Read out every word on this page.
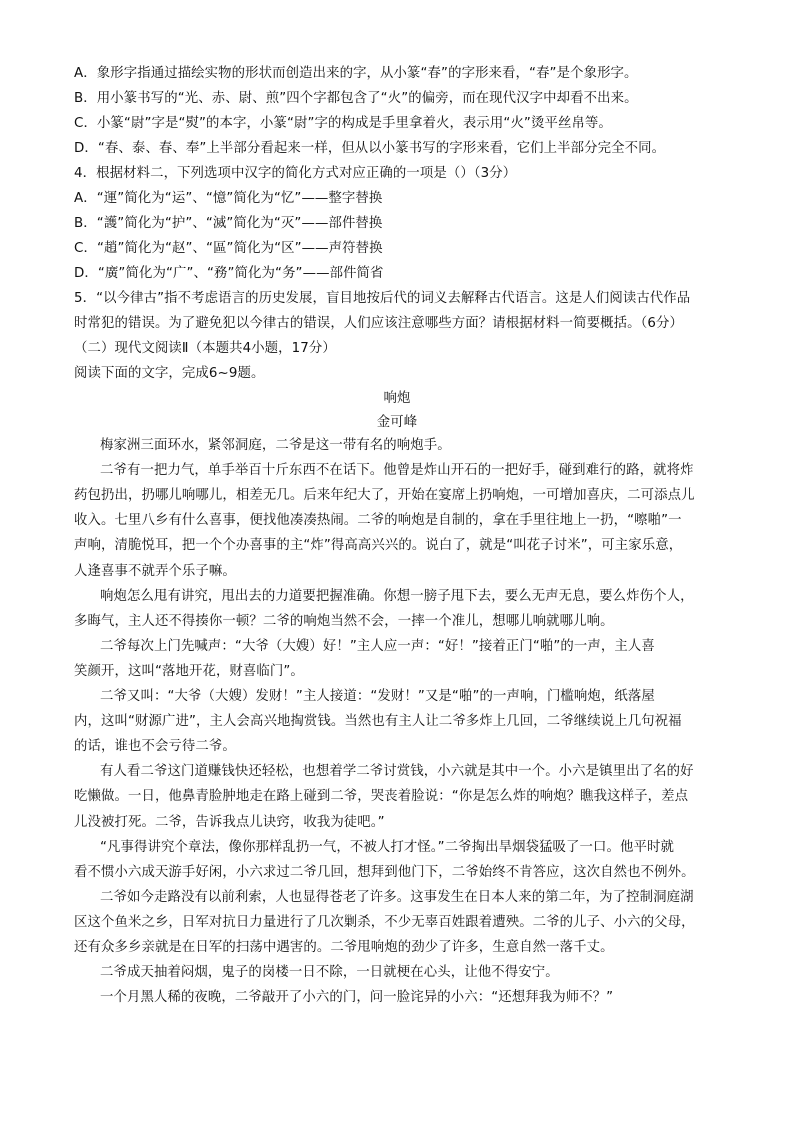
A．象形字指通过描绘实物的形状而创造出来的字，从小篆“春”的字形来看，“春”是个象形字。
B．用小篆书写的“光、赤、尉、煎”四个字都包含了“火”的偏旁，而在现代汉字中却看不出来。
C．小篆“尉”字是“熨”的本字，小篆“尉”字的构成是手里拿着火，表示用“火”烫平丝帛等。
D．“春、泰、春、奉”上半部分看起来一样，但从以小篆书写的字形来看，它们上半部分完全不同。
4．根据材料二，下列选项中汉字的简化方式对应正确的一项是（）（3分）
A．“運”简化为“运”、“憶”简化为“忆”——整字替换
B．“護”简化为“护”、“滅”简化为“灭”——部件替换
C．“趙”简化为“赵”、“區”简化为“区”——声符替换
D．“廣”简化为“广”、“務”简化为“务”——部件简省
5．“以今律古”指不考虑语言的历史发展，盲目地按后代的词义去解释古代语言。这是人们阅读古代作品
时常犯的错误。为了避免犯以今律古的错误，人们应该注意哪些方面？请根据材料一简要概括。（6分）
（二）现代文阅读Ⅱ（本题共4小题，17分）
阅读下面的文字，完成6~9题。
响炮
金可峰
梅家洲三面环水，紧邻洞庭，二爷是这一带有名的响炮手。
二爷有一把力气，单手举百十斤东西不在话下。他曾是炸山开石的一把好手，碰到难行的路，就将炸
药包扔出，扔哪儿响哪儿，相差无几。后来年纪大了，开始在宴席上扔响炮，一可增加喜庆，二可添点儿
收入。七里八乡有什么喜事，便找他凑凑热闹。二爷的响炮是自制的，拿在手里往地上一扔，“嚓啪”一
声响，清脆悦耳，把一个个办喜事的主“炸”得高高兴兴的。说白了，就是“叫花子讨米”，可主家乐意，
人逢喜事不就弄个乐子嘛。
响炮怎么甩有讲究，甩出去的力道要把握准确。你想一膀子甩下去，要么无声无息，要么炸伤个人，
多晦气，主人还不得揍你一顿？二爷的响炮当然不会，一摔一个准儿，想哪儿响就哪儿响。
二爷每次上门先喊声：“大爷（大嫂）好！”主人应一声：“好！”接着正门“啪”的一声，主人喜
笑颜开，这叫“落地开花，财喜临门”。
二爷又叫：“大爷（大嫂）发财！”主人接道：“发财！”又是“啪”的一声响，门槛响炮，纸落屋
内，这叫“财源广进”，主人会高兴地掏赏钱。当然也有主人让二爷多炸上几回，二爷继续说上几句祝福
的话，谁也不会亏待二爷。
有人看二爷这门道赚钱快还轻松，也想着学二爷讨赏钱，小六就是其中一个。小六是镇里出了名的好
吃懒做。一日，他鼻青脸肿地走在路上碰到二爷，哭丧着脸说：“你是怎么炸的响炮？瞧我这样子，差点
儿没被打死。二爷，告诉我点儿诀窍，收我为徒吧。”
“凡事得讲究个章法，像你那样乱扔一气，不被人打才怪。”二爷掏出旱烟袋猛吸了一口。他平时就
看不惯小六成天游手好闲，小六求过二爷几回，想拜到他门下，二爷始终不肯答应，这次自然也不例外。
二爷如今走路没有以前利索，人也显得苍老了许多。这事发生在日本人来的第二年，为了控制洞庭湖
区这个鱼米之乡，日军对抗日力量进行了几次剿杀，不少无辜百姓跟着遭殃。二爷的儿子、小六的父母，
还有众多乡亲就是在日军的扫荡中遇害的。二爷甩响炮的劲少了许多，生意自然一落千丈。
二爷成天抽着闷烟，鬼子的岗楼一日不除，一日就梗在心头，让他不得安宁。
一个月黑人稀的夜晚，二爷敲开了小六的门，问一脸诧异的小六：“还想拜我为师不？”
